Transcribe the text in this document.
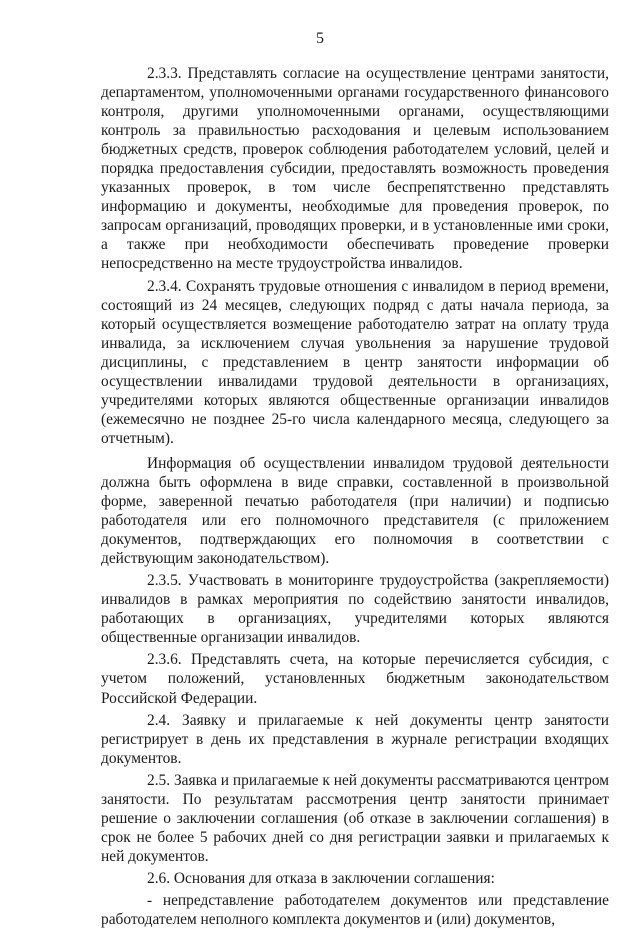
5

2.3.3. Представлять согласие на осуществление центрами занятости, департаментом, уполномоченными органами государственного финансового контроля, другими уполномоченными органами, осуществляющими контроль за правильностью расходования и целевым использованием бюджетных средств, проверок соблюдения работодателем условий, целей и порядка предоставления субсидии, предоставлять возможность проведения указанных проверок, в том числе беспрепятственно представлять информацию и документы, необходимые для проведения проверок, по запросам организаций, проводящих проверки, и в установленные ими сроки, а также при необходимости обеспечивать проведение проверки непосредственно на месте трудоустройства инвалидов.

2.3.4. Сохранять трудовые отношения с инвалидом в период времени, состоящий из 24 месяцев, следующих подряд с даты начала периода, за который осуществляется возмещение работодателю затрат на оплату труда инвалида, за исключением случая увольнения за нарушение трудовой дисциплины, с представлением в центр занятости информации об осуществлении инвалидами трудовой деятельности в организациях, учредителями которых являются общественные организации инвалидов (ежемесячно не позднее 25-го числа календарного месяца, следующего за отчетным).

Информация об осуществлении инвалидом трудовой деятельности должна быть оформлена в виде справки, составленной в произвольной форме, заверенной печатью работодателя (при наличии) и подписью работодателя или его полномочного представителя (с приложением документов, подтверждающих его полномочия в соответствии с действующим законодательством).

2.3.5. Участвовать в мониторинге трудоустройства (закрепляемости) инвалидов в рамках мероприятия по содействию занятости инвалидов, работающих в организациях, учредителями которых являются общественные организации инвалидов.

2.3.6. Представлять счета, на которые перечисляется субсидия, с учетом положений, установленных бюджетным законодательством Российской Федерации.

2.4. Заявку и прилагаемые к ней документы центр занятости регистрирует в день их представления в журнале регистрации входящих документов.

2.5. Заявка и прилагаемые к ней документы рассматриваются центром занятости. По результатам рассмотрения центр занятости принимает решение о заключении соглашения (об отказе в заключении соглашения) в срок не более 5 рабочих дней со дня регистрации заявки и прилагаемых к ней документов.

2.6. Основания для отказа в заключении соглашения:

- непредставление работодателем документов или представление работодателем неполного комплекта документов и (или) документов,
